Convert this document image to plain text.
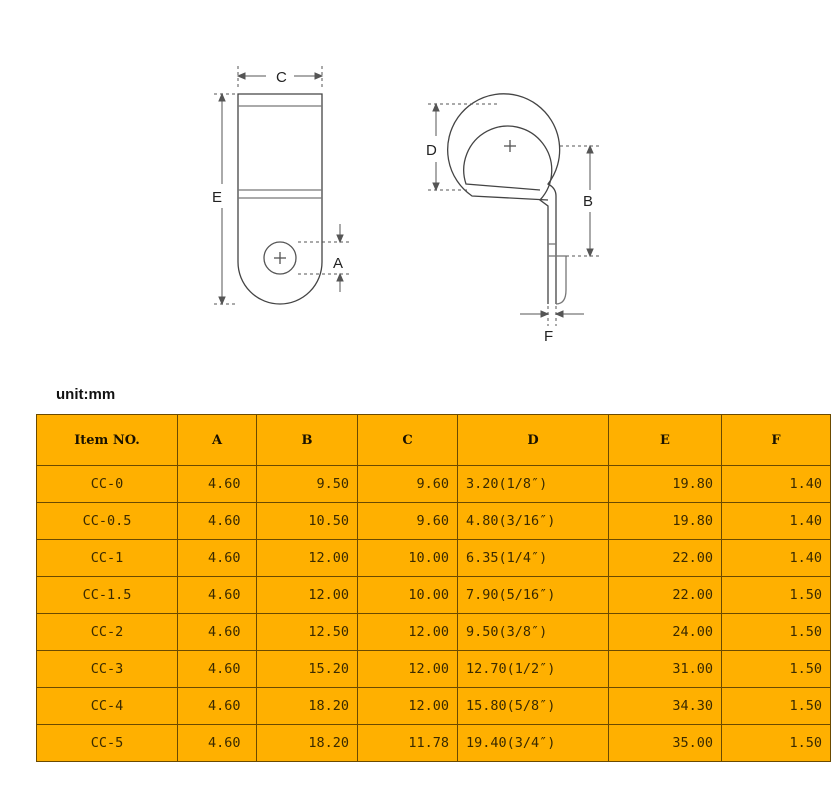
C
E
A
D
B
F
unit:mm
Item NO.	A	B	C	D	E	F
CC-0	4.60	9.50	9.60	3.20(1/8″)	19.80	1.40
CC-0.5	4.60	10.50	9.60	4.80(3/16″)	19.80	1.40
CC-1	4.60	12.00	10.00	6.35(1/4″)	22.00	1.40
CC-1.5	4.60	12.00	10.00	7.90(5/16″)	22.00	1.50
CC-2	4.60	12.50	12.00	9.50(3/8″)	24.00	1.50
CC-3	4.60	15.20	12.00	12.70(1/2″)	31.00	1.50
CC-4	4.60	18.20	12.00	15.80(5/8″)	34.30	1.50
CC-5	4.60	18.20	11.78	19.40(3/4″)	35.00	1.50
